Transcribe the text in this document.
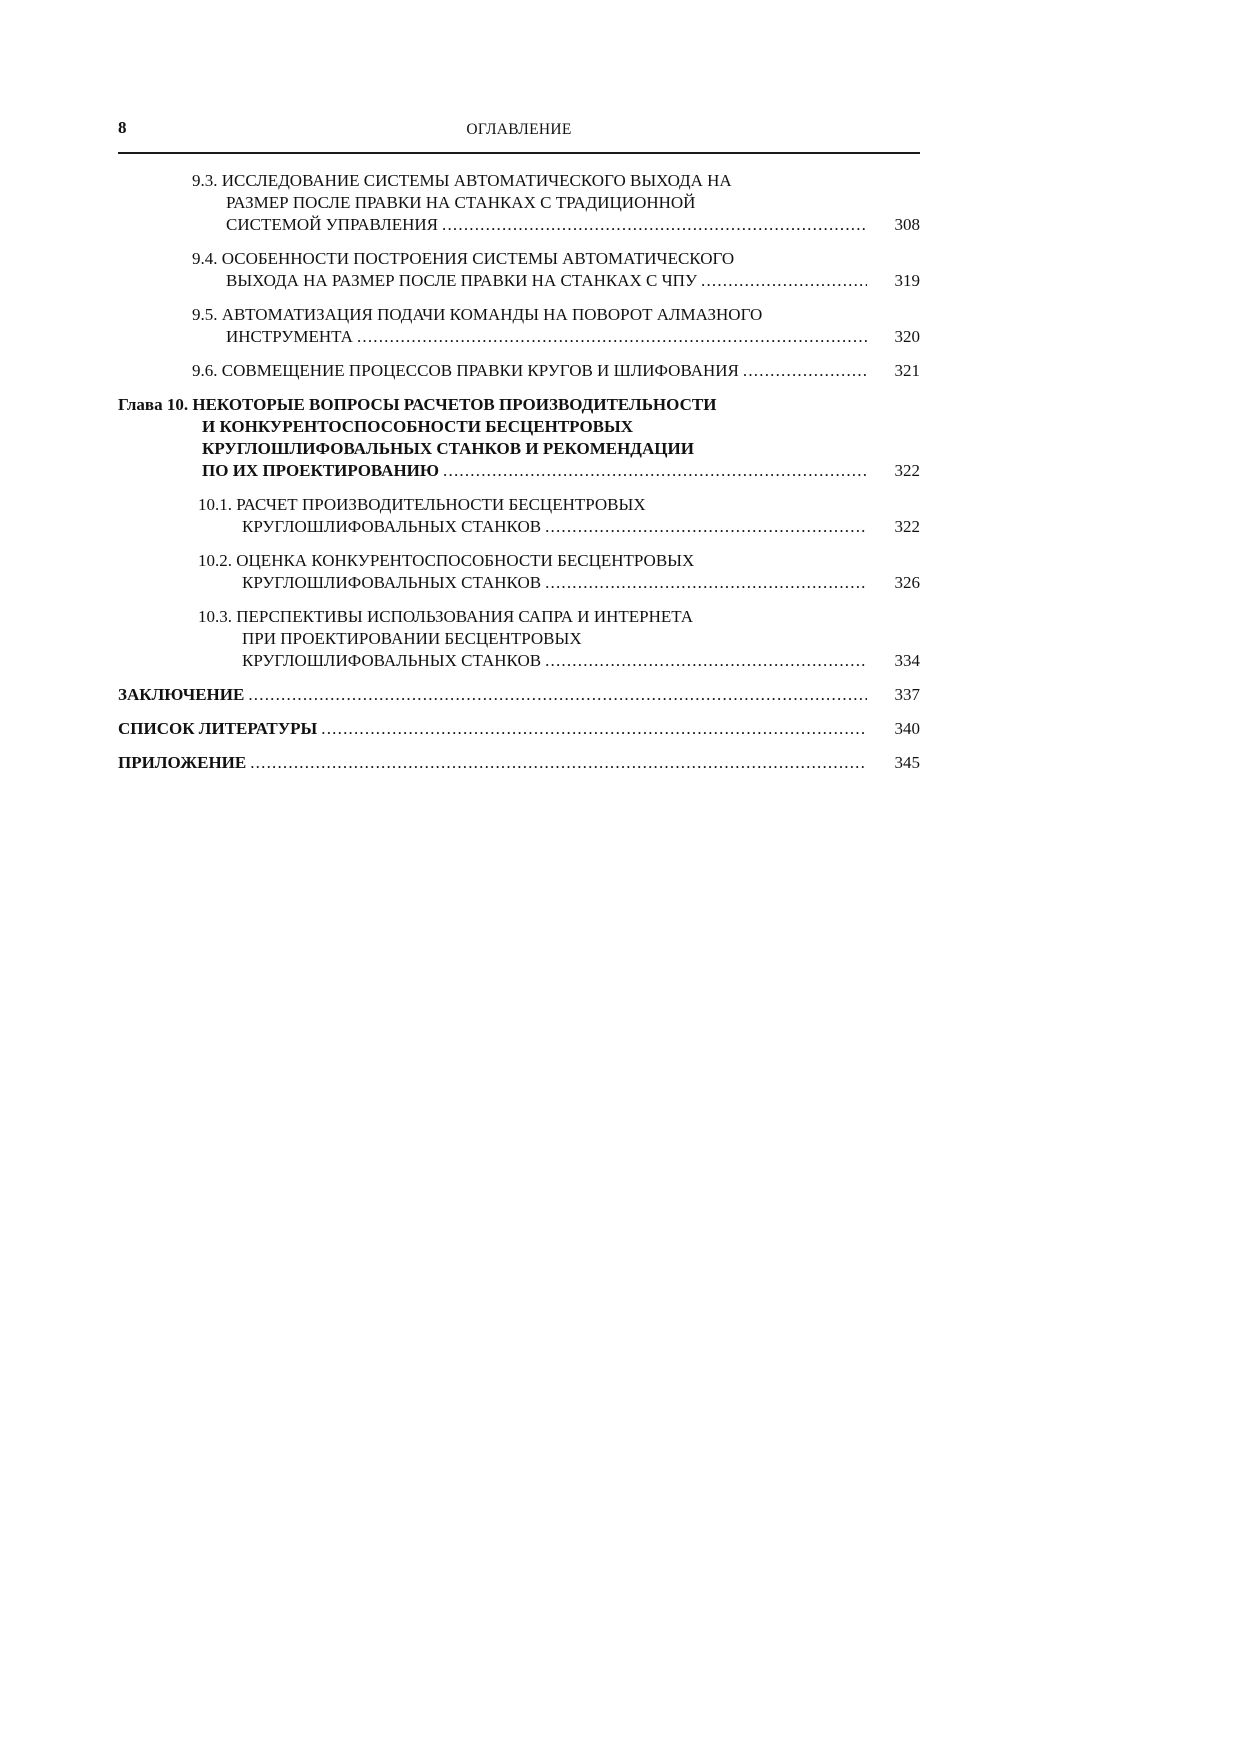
8	ОГЛАВЛЕНИЕ
9.3. ИССЛЕДОВАНИЕ СИСТЕМЫ АВТОМАТИЧЕСКОГО ВЫХОДА НА
РАЗМЕР ПОСЛЕ ПРАВКИ НА СТАНКАХ С ТРАДИЦИОННОЙ
СИСТЕМОЙ УПРАВЛЕНИЯ .....	308
9.4. ОСОБЕННОСТИ ПОСТРОЕНИЯ СИСТЕМЫ АВТОМАТИЧЕСКОГО
ВЫХОДА НА РАЗМЕР ПОСЛЕ ПРАВКИ НА СТАНКАХ С ЧПУ .....	319
9.5. АВТОМАТИЗАЦИЯ ПОДАЧИ КОМАНДЫ НА ПОВОРОТ АЛМАЗНОГО
ИНСТРУМЕНТА .....	320
9.6. СОВМЕЩЕНИЕ ПРОЦЕССОВ ПРАВКИ КРУГОВ И ШЛИФОВАНИЯ .....	321
Глава 10. НЕКОТОРЫЕ ВОПРОСЫ РАСЧЕТОВ ПРОИЗВОДИТЕЛЬНОСТИ
И КОНКУРЕНТОСПОСОБНОСТИ БЕСЦЕНТРОВЫХ
КРУГЛОШЛИФОВАЛЬНЫХ СТАНКОВ И РЕКОМЕНДАЦИИ
ПО ИХ ПРОЕКТИРОВАНИЮ .....	322
10.1. РАСЧЕТ ПРОИЗВОДИТЕЛЬНОСТИ БЕСЦЕНТРОВЫХ
КРУГЛОШЛИФОВАЛЬНЫХ СТАНКОВ .....	322
10.2. ОЦЕНКА КОНКУРЕНТОСПОСОБНОСТИ БЕСЦЕНТРОВЫХ
КРУГЛОШЛИФОВАЛЬНЫХ СТАНКОВ .....	326
10.3. ПЕРСПЕКТИВЫ ИСПОЛЬЗОВАНИЯ САПРА И ИНТЕРНЕТА
ПРИ ПРОЕКТИРОВАНИИ БЕСЦЕНТРОВЫХ
КРУГЛОШЛИФОВАЛЬНЫХ СТАНКОВ .....	334
ЗАКЛЮЧЕНИЕ .....	337
СПИСОК ЛИТЕРАТУРЫ .....	340
ПРИЛОЖЕНИЕ .....	345
